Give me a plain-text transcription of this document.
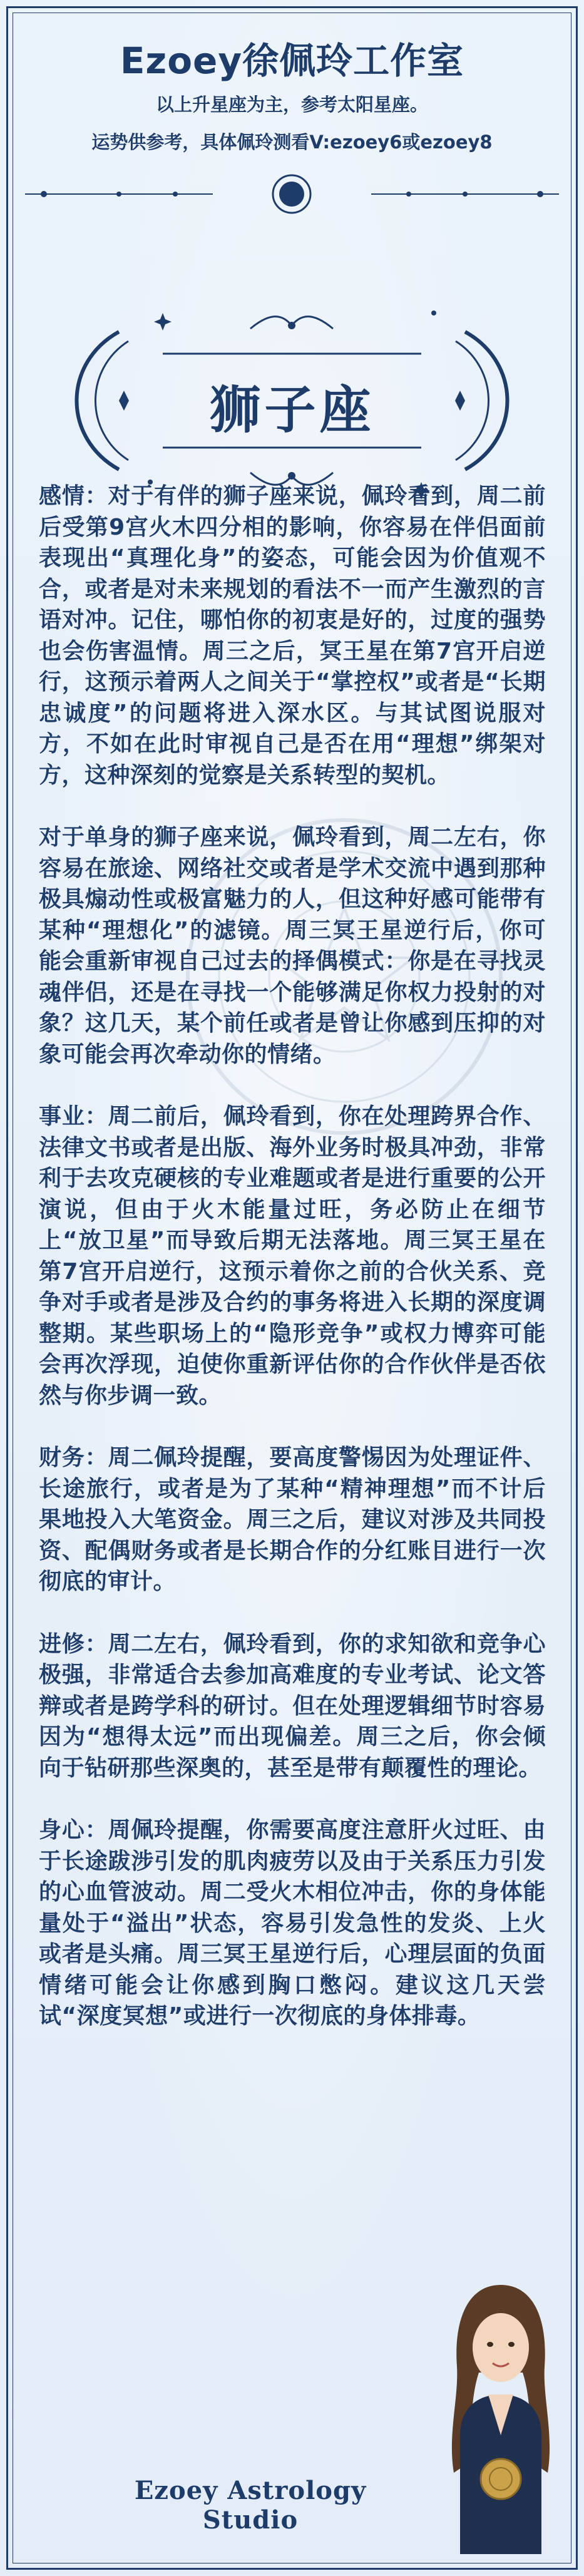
Ezoey徐佩玲工作室
以上升星座为主，参考太阳星座。
运势供参考，具体佩玲测看V:ezoey6或ezoey8
狮子座

感情：对于有伴的狮子座来说，佩玲看到，周二前后受第9宫火木四分相的影响，你容易在伴侣面前表现出“真理化身”的姿态，可能会因为价值观不合，或者是对未来规划的看法不一而产生激烈的言语对冲。记住，哪怕你的初衷是好的，过度的强势也会伤害温情。周三之后，冥王星在第7宫开启逆行，这预示着两人之间关于“掌控权”或者是“长期忠诚度”的问题将进入深水区。与其试图说服对方，不如在此时审视自己是否在用“理想”绑架对方，这种深刻的觉察是关系转型的契机。

对于单身的狮子座来说，佩玲看到，周二左右，你容易在旅途、网络社交或者是学术交流中遇到那种极具煽动性或极富魅力的人，但这种好感可能带有某种“理想化”的滤镜。周三冥王星逆行后，你可能会重新审视自己过去的择偶模式：你是在寻找灵魂伴侣，还是在寻找一个能够满足你权力投射的对象？这几天，某个前任或者是曾让你感到压抑的对象可能会再次牵动你的情绪。

事业：周二前后，佩玲看到，你在处理跨界合作、法律文书或者是出版、海外业务时极具冲劲，非常利于去攻克硬核的专业难题或者是进行重要的公开演说，但由于火木能量过旺，务必防止在细节上“放卫星”而导致后期无法落地。周三冥王星在第7宫开启逆行，这预示着你之前的合伙关系、竞争对手或者是涉及合约的事务将进入长期的深度调整期。某些职场上的“隐形竞争”或权力博弈可能会再次浮现，迫使你重新评估你的合作伙伴是否依然与你步调一致。

财务：周二佩玲提醒，要高度警惕因为处理证件、长途旅行，或者是为了某种“精神理想”而不计后果地投入大笔资金。周三之后，建议对涉及共同投资、配偶财务或者是长期合作的分红账目进行一次彻底的审计。

进修：周二左右，佩玲看到，你的求知欲和竞争心极强，非常适合去参加高难度的专业考试、论文答辩或者是跨学科的研讨。但在处理逻辑细节时容易因为“想得太远”而出现偏差。周三之后，你会倾向于钻研那些深奥的，甚至是带有颠覆性的理论。

身心：周佩玲提醒，你需要高度注意肝火过旺、由于长途跋涉引发的肌肉疲劳以及由于关系压力引发的心血管波动。周二受火木相位冲击，你的身体能量处于“溢出”状态，容易引发急性的发炎、上火或者是头痛。周三冥王星逆行后，心理层面的负面情绪可能会让你感到胸口憋闷。建议这几天尝试“深度冥想”或进行一次彻底的身体排毒。

Ezoey Astrology Studio
